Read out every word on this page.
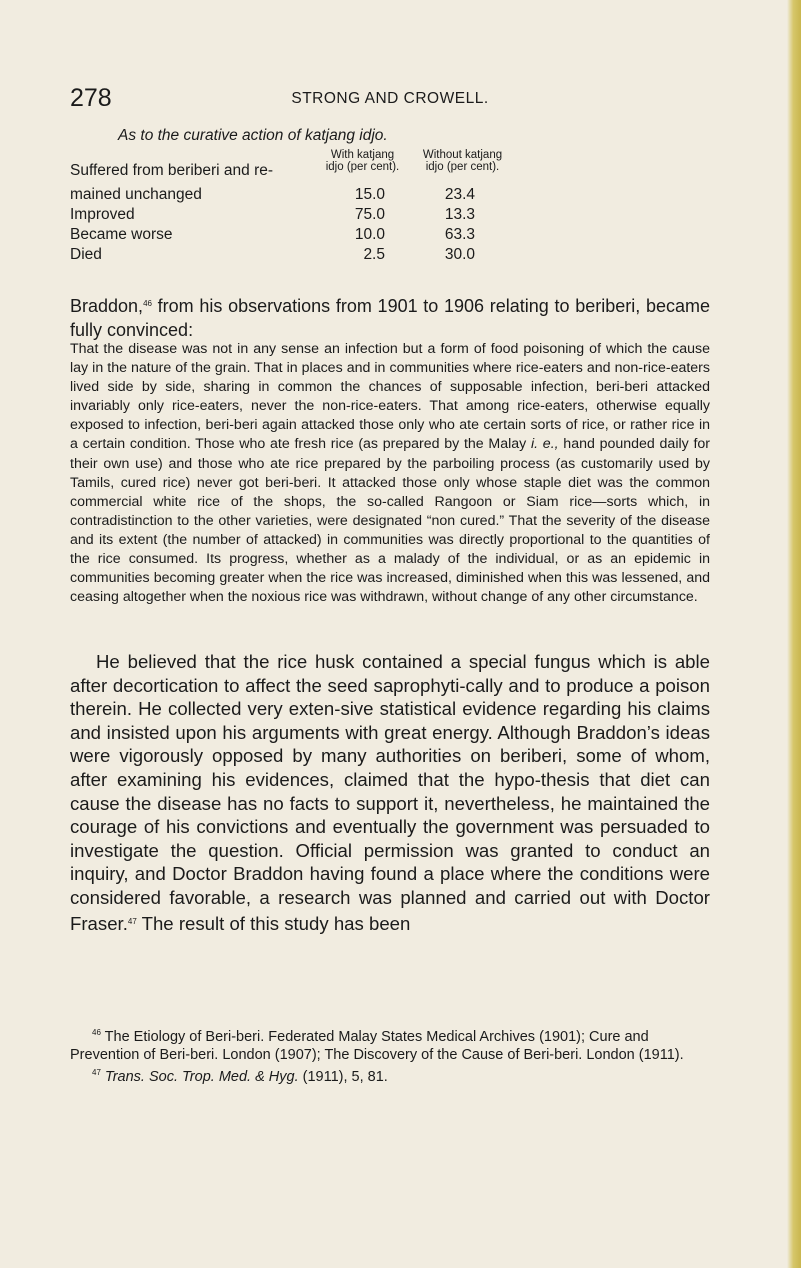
278	STRONG AND CROWELL.
As to the curative action of katjang idjo.
With katjang
idjo (per cent).
Without katjang
idjo (per cent).
Suffered from beriberi and re-
mained unchanged	15.0	23.4
Improved	75.0	13.3
Became worse	10.0	63.3
Died	2.5	30.0

Braddon,$^{46}$ from his observations from 1901 to 1906 relating to beriberi, became fully convinced:

That the disease was not in any sense an infection but a form of food poisoning of which the cause lay in the nature of the grain. That in places and in communities where rice-eaters and non-rice-eaters lived side by side, sharing in common the chances of supposable infection, beri-beri attacked invariably only rice-eaters, never the non-rice-eaters. That among rice-eaters, otherwise equally exposed to infection, beri-beri again attacked those only who ate certain sorts of rice, or rather rice in a certain condition. Those who ate fresh rice (as prepared by the Malay i. e., hand pounded daily for their own use) and those who ate rice prepared by the parboiling process (as customarily used by Tamils, cured rice) never got beri-beri. It attacked those only whose staple diet was the common commercial white rice of the shops, the so-called Rangoon or Siam rice—sorts which, in contradistinction to the other varieties, were designated “non cured.” That the severity of the disease and its extent (the number of attacked) in communities was directly proportional to the quantities of the rice consumed. Its progress, whether as a malady of the individual, or as an epidemic in communities becoming greater when the rice was increased, diminished when this was lessened, and ceasing altogether when the noxious rice was withdrawn, without change of any other circumstance.

He believed that the rice husk contained a special fungus which is able after decortication to affect the seed saprophyti-cally and to produce a poison therein. He collected very exten-sive statistical evidence regarding his claims and insisted upon his arguments with great energy. Although Braddon’s ideas were vigorously opposed by many authorities on beriberi, some of whom, after examining his evidences, claimed that the hypo-thesis that diet can cause the disease has no facts to support it, nevertheless, he maintained the courage of his convictions and eventually the government was persuaded to investigate the question. Official permission was granted to conduct an inquiry, and Doctor Braddon having found a place where the conditions were considered favorable, a research was planned and carried out with Doctor Fraser.$^{47}$ The result of this study has been

$^{46}$ The Etiology of Beri-beri. Federated Malay States Medical Archives (1901); Cure and Prevention of Beri-beri. London (1907); The Discovery of the Cause of Beri-beri. London (1911).
$^{47}$ Trans. Soc. Trop. Med. & Hyg. (1911), 5, 81.
